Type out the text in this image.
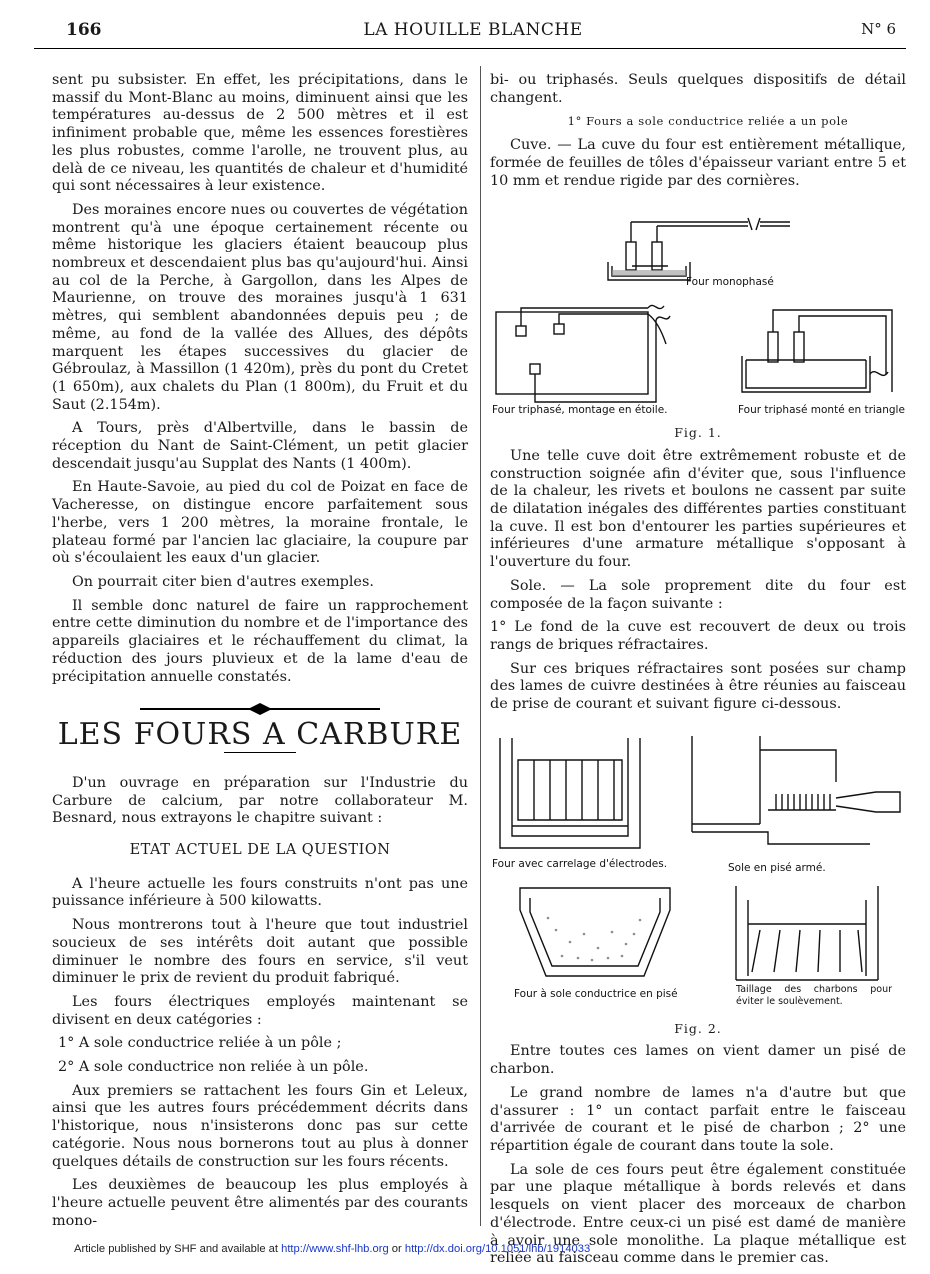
166	LA HOUILLE BLANCHE	N° 6

sent pu subsister. En effet, les précipitations, dans le massif du Mont-Blanc au moins, diminuent ainsi que les températures au-dessus de 2 500 mètres et il est infiniment probable que, même les essences forestières les plus robustes, comme l'arolle, ne trouvent plus, au delà de ce niveau, les quantités de chaleur et d'humidité qui sont nécessaires à leur existence.

Des moraines encore nues ou couvertes de végétation montrent qu'à une époque certainement récente ou même historique les glaciers étaient beaucoup plus nombreux et descendaient plus bas qu'aujourd'hui. Ainsi au col de la Perche, à Gargollon, dans les Alpes de Maurienne, on trouve des moraines jusqu'à 1 631 mètres, qui semblent abandonnées depuis peu ; de même, au fond de la vallée des Allues, des dépôts marquent les étapes successives du glacier de Gébroulaz, à Massillon (1 420m), près du pont du Cretet (1 650m), aux chalets du Plan (1 800m), du Fruit et du Saut (2.154m).

A Tours, près d'Albertville, dans le bassin de réception du Nant de Saint-Clément, un petit glacier descendait jusqu'au Supplat des Nants (1 400m).

En Haute-Savoie, au pied du col de Poizat en face de Vacheresse, on distingue encore parfaitement sous l'herbe, vers 1 200 mètres, la moraine frontale, le plateau formé par l'ancien lac glaciaire, la coupure par où s'écoulaient les eaux d'un glacier.

On pourrait citer bien d'autres exemples.

Il semble donc naturel de faire un rapprochement entre cette diminution du nombre et de l'importance des appareils glaciaires et le réchauffement du climat, la réduction des jours pluvieux et de la lame d'eau de précipitation annuelle constatés.

LES FOURS A CARBURE

D'un ouvrage en préparation sur l'Industrie du Carbure de calcium, par notre collaborateur M. Besnard, nous extrayons le chapitre suivant :

ETAT ACTUEL DE LA QUESTION

A l'heure actuelle les fours construits n'ont pas une puissance inférieure à 500 kilowatts.

Nous montrerons tout à l'heure que tout industriel soucieux de ses intérêts doit autant que possible diminuer le nombre des fours en service, s'il veut diminuer le prix de revient du produit fabriqué.

Les fours électriques employés maintenant se divisent en deux catégories :

1° A sole conductrice reliée à un pôle ;

2° A sole conductrice non reliée à un pôle.

Aux premiers se rattachent les fours Gin et Leleux, ainsi que les autres fours précédemment décrits dans l'historique, nous n'insisterons donc pas sur cette catégorie. Nous nous bornerons tout au plus à donner quelques détails de construction sur les fours récents.

Les deuxièmes de beaucoup les plus employés à l'heure actuelle peuvent être alimentés par des courants mono-

bi- ou triphasés. Seuls quelques dispositifs de détail changent.

1° Fours a sole conductrice reliée a un pole

Cuve. — La cuve du four est entièrement métallique, formée de feuilles de tôles d'épaisseur variant entre 5 et 10 mm et rendue rigide par des cornières.

Four monophasé
Four triphasé, montage en étoile.	Four triphasé monté en triangle

Fig. 1.

Une telle cuve doit être extrêmement robuste et de construction soignée afin d'éviter que, sous l'influence de la chaleur, les rivets et boulons ne cassent par suite de dilatation inégales des différentes parties constituant la cuve. Il est bon d'entourer les parties supérieures et inférieures d'une armature métallique s'opposant à l'ouverture du four.

Sole. — La sole proprement dite du four est composée de la façon suivante :

1° Le fond de la cuve est recouvert de deux ou trois rangs de briques réfractaires.

Sur ces briques réfractaires sont posées sur champ des lames de cuivre destinées à être réunies au faisceau de prise de courant et suivant figure ci-dessous.

Four avec carrelage d'électrodes.	Sole en pisé armé.
Four à sole conductrice en pisé	Taillage des charbons pour éviter le soulèvement.

Fig. 2.

Entre toutes ces lames on vient damer un pisé de charbon.

Le grand nombre de lames n'a d'autre but que d'assurer : 1° un contact parfait entre le faisceau d'arrivée de courant et le pisé de charbon ; 2° une répartition égale de courant dans toute la sole.

La sole de ces fours peut être également constituée par une plaque métallique à bords relevés et dans lesquels on vient placer des morceaux de charbon d'électrode. Entre ceux-ci un pisé est damé de manière à avoir une sole monolithe. La plaque métallique est reliée au faisceau comme dans le premier cas.

Article published by SHF and available at http://www.shf-lhb.org or http://dx.doi.org/10.1051/lhb/1914033
